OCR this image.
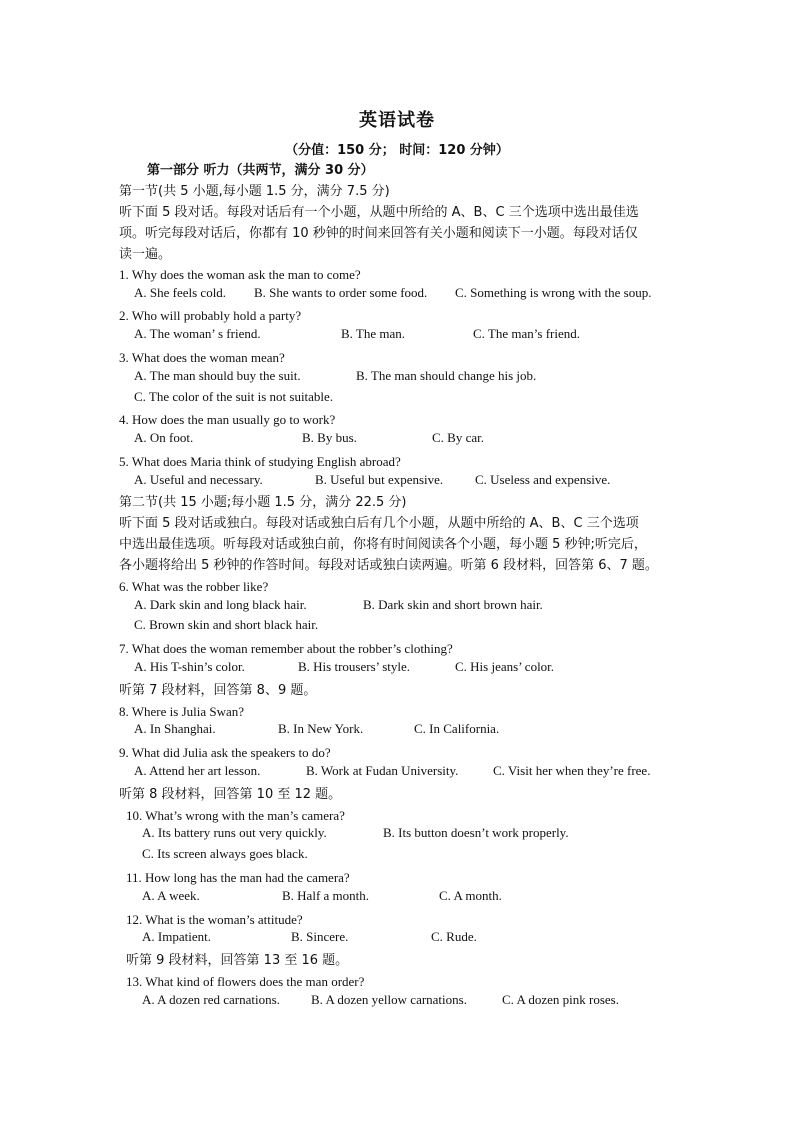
英语试卷
（分值：150 分； 时间：120 分钟）
第一部分 听力（共两节，满分 30 分）
第一节(共 5 小题,每小题 1.5 分，满分 7.5 分)
听下面 5 段对话。每段对话后有一个小题，从题中所给的 A、B、C 三个选项中选出最佳选
项。听完每段对话后，你都有 10 秒钟的时间来回答有关小题和阅读下一小题。每段对话仅
读一遍。
1. Why does the woman ask the man to come?
A. She feels cold. B. She wants to order some food. C. Something is wrong with the soup.
2. Who will probably hold a party?
A. The woman’ s friend.	B. The man.	C. The man’s friend.
3. What does the woman mean?
A. The man should buy the suit.	B. The man should change his job.
C. The color of the suit is not suitable.
4. How does the man usually go to work?
A. On foot.	B. By bus.	C. By car.
5. What does Maria think of studying English abroad?
A. Useful and necessary.	B. Useful but expensive. C. Useless and expensive.
第二节(共 15 小题;每小题 1.5 分，满分 22.5 分)
听下面 5 段对话或独白。每段对话或独白后有几个小题，从题中所给的 A、B、C 三个选项
中选出最佳选项。听每段对话或独白前，你将有时间阅读各个小题，每小题 5 秒钟;听完后，
各小题将给出 5 秒钟的作答时间。每段对话或独白读两遍。听第 6 段材料，回答第 6、7 题。
6. What was the robber like?
A. Dark skin and long black hair.	B. Dark skin and short brown hair.
C. Brown skin and short black hair.
7. What does the woman remember about the robber’s clothing?
A. His T-shin’s color.	B. His trousers’ style.	C. His jeans’ color.
听第 7 段材料，回答第 8、9 题。
8. Where is Julia Swan?
A. In Shanghai.	B. In New York.	C. In California.
9. What did Julia ask the speakers to do?
A. Attend her art lesson.	B. Work at Fudan University.	C. Visit her when they’re free.
听第 8 段材料，回答第 10 至 12 题。
10. What’s wrong with the man’s camera?
A. Its battery runs out very quickly.	B. Its button doesn’t work properly.
C. Its screen always goes black.
11. How long has the man had the camera?
A. A week.	B. Half a month.	C. A month.
12. What is the woman’s attitude?
A. Impatient.	B. Sincere.	C. Rude.
听第 9 段材料，回答第 13 至 16 题。
13. What kind of flowers does the man order?
A. A dozen red carnations. B. A dozen yellow carnations.	C. A dozen pink roses.
